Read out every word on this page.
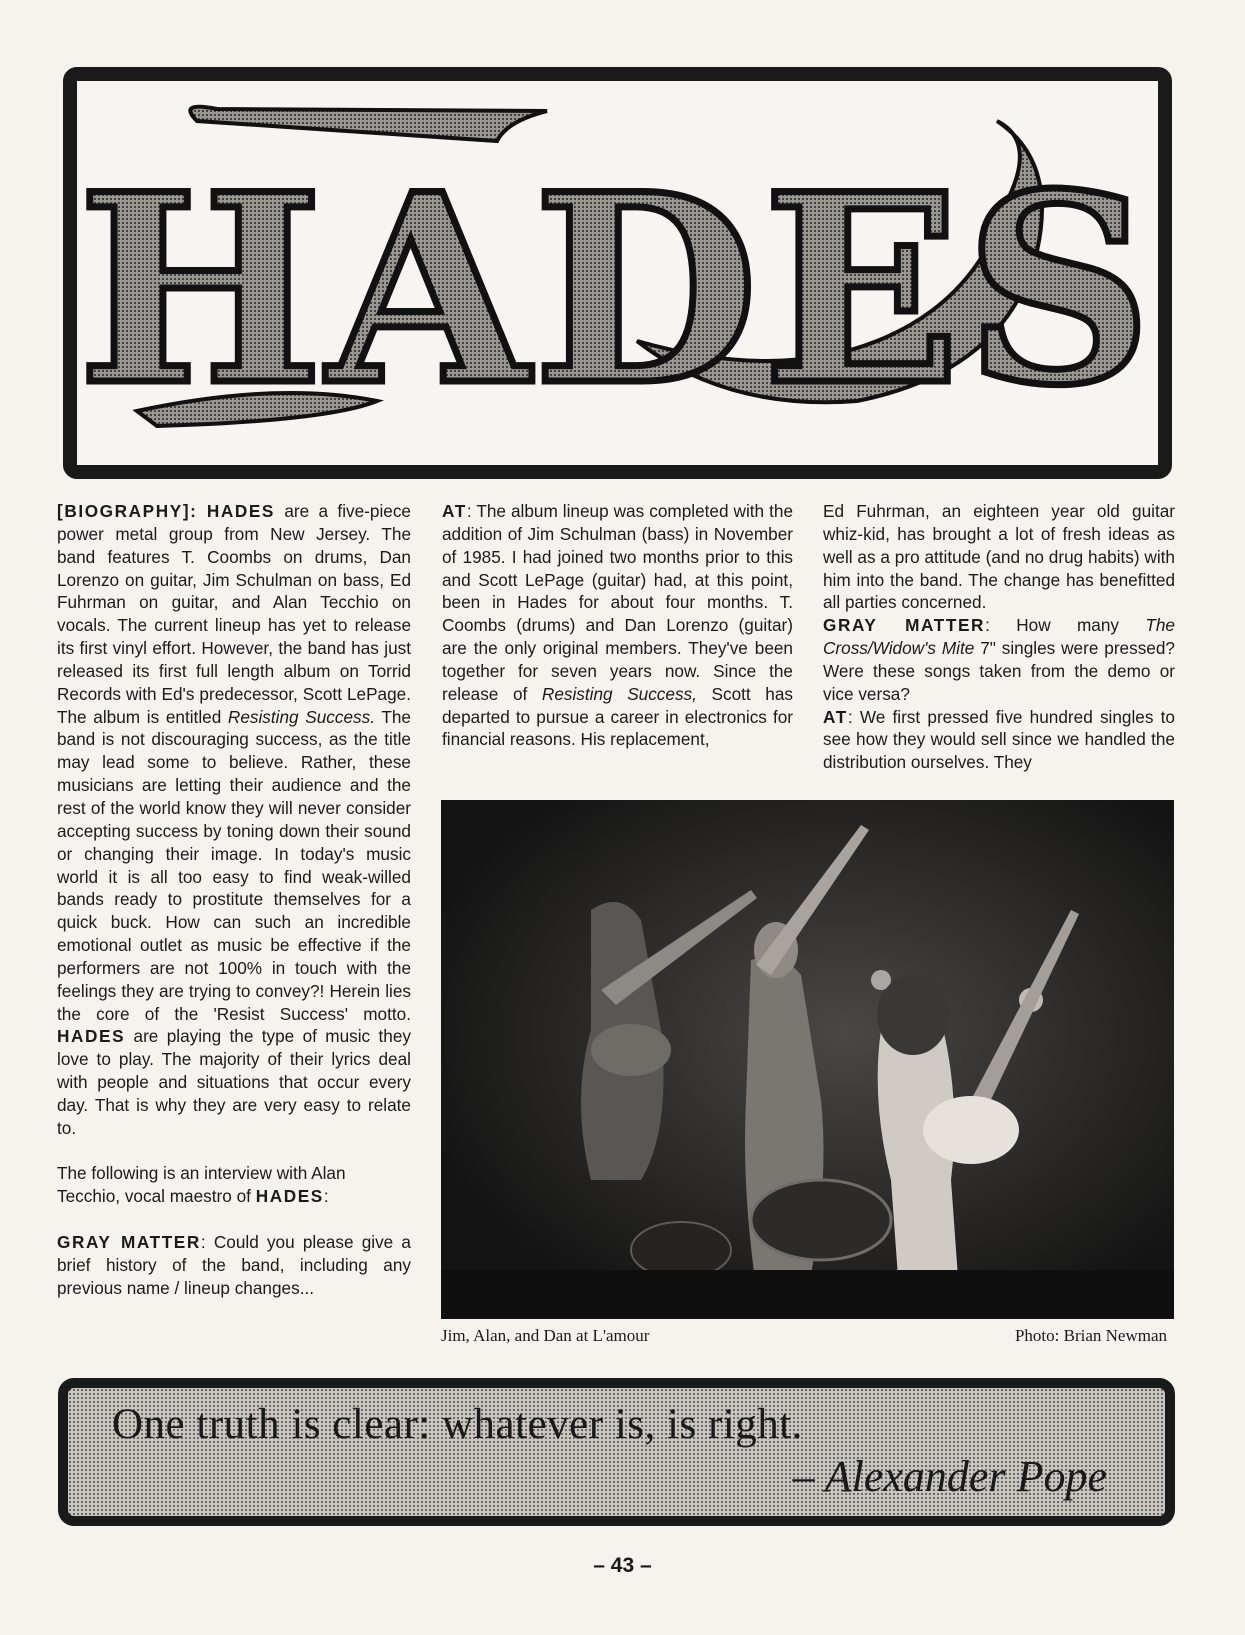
HADES

[BIOGRAPHY]: HADES are a five-piece power metal group from New Jersey. The band features T. Coombs on drums, Dan Lorenzo on guitar, Jim Schulman on bass, Ed Fuhrman on guitar, and Alan Tecchio on vocals. The current lineup has yet to release its first vinyl effort. However, the band has just released its first full length album on Torrid Records with Ed's predecessor, Scott LePage. The album is entitled Resisting Success. The band is not discouraging success, as the title may lead some to believe. Rather, these musicians are letting their audience and the rest of the world know they will never consider accepting success by toning down their sound or changing their image. In today's music world it is all too easy to find weak-willed bands ready to prostitute themselves for a quick buck. How can such an incredible emotional outlet as music be effective if the performers are not 100% in touch with the feelings they are trying to convey?! Herein lies the core of the 'Resist Success' motto. HADES are playing the type of music they love to play. The majority of their lyrics deal with people and situations that occur every day. That is why they are very easy to relate to.

The following is an interview with Alan Tecchio, vocal maestro of HADES:

GRAY MATTER: Could you please give a brief history of the band, including any previous name / lineup changes...

AT: The album lineup was completed with the addition of Jim Schulman (bass) in November of 1985. I had joined two months prior to this and Scott LePage (guitar) had, at this point, been in Hades for about four months. T. Coombs (drums) and Dan Lorenzo (guitar) are the only original members. They've been together for seven years now. Since the release of Resisting Success, Scott has departed to pursue a career in electronics for financial reasons. His replacement,

Ed Fuhrman, an eighteen year old guitar whiz-kid, has brought a lot of fresh ideas as well as a pro attitude (and no drug habits) with him into the band. The change has benefitted all parties concerned.

GRAY MATTER: How many The Cross/Widow's Mite 7" singles were pressed? Were these songs taken from the demo or vice versa?

AT: We first pressed five hundred singles to see how they would sell since we handled the distribution ourselves. They

Jim, Alan, and Dan at L'amour	Photo: Brian Newman
One truth is clear: whatever is, is right.
– Alexander Pope
– 43 –
